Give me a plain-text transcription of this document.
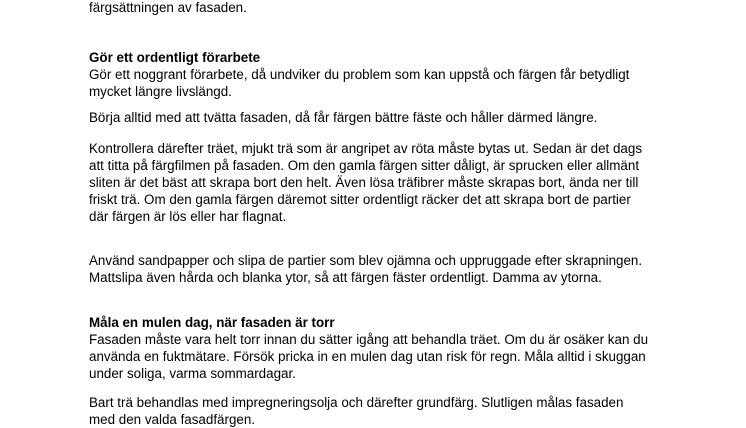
färgsättningen av fasaden.

Gör ett ordentligt förarbete

Gör ett noggrant förarbete, då undviker du problem som kan uppstå och färgen får betydligt mycket längre livslängd.

Börja alltid med att tvätta fasaden, då får färgen bättre fäste och håller därmed längre.

Kontrollera därefter träet, mjukt trä som är angripet av röta måste bytas ut. Sedan är det dags att titta på färgfilmen på fasaden. Om den gamla färgen sitter dåligt, är sprucken eller allmänt sliten är det bäst att skrapa bort den helt. Även lösa träfibrer måste skrapas bort, ända ner till friskt trä. Om den gamla färgen däremot sitter ordentligt räcker det att skrapa bort de partier där färgen är lös eller har flagnat.

Använd sandpapper och slipa de partier som blev ojämna och uppruggade efter skrapningen. Mattslipa även hårda och blanka ytor, så att färgen fäster ordentligt. Damma av ytorna.

Måla en mulen dag, när fasaden är torr

Fasaden måste vara helt torr innan du sätter igång att behandla träet. Om du är osäker kan du använda en fuktmätare. Försök pricka in en mulen dag utan risk för regn. Måla alltid i skuggan under soliga, varma sommardagar.

Bart trä behandlas med impregneringsolja och därefter grundfärg. Slutligen målas fasaden med den valda fasadfärgen.
